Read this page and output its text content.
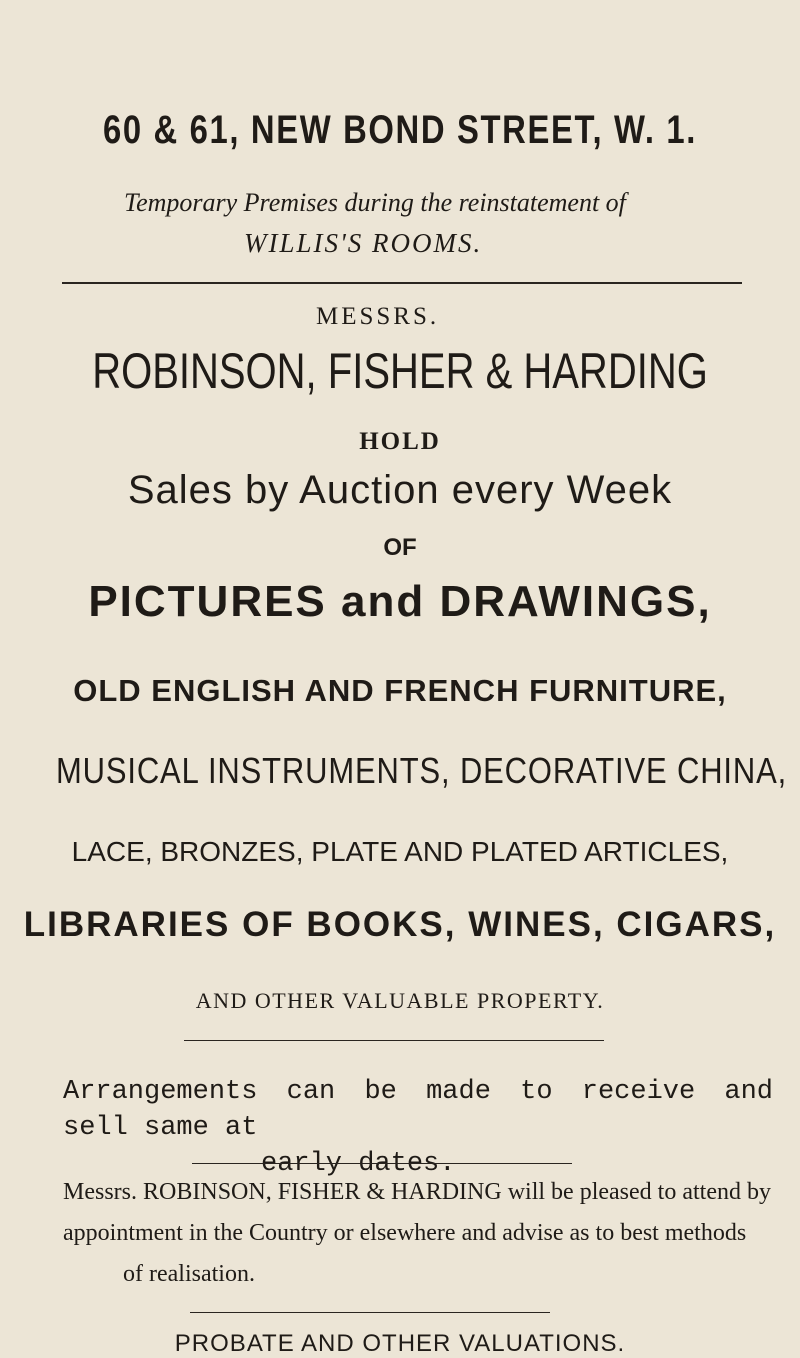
60 & 61, NEW BOND STREET, W. 1.
Temporary Premises during the reinstatement of
WILLIS'S ROOMS.
MESSRS.
ROBINSON, FISHER & HARDING
HOLD
Sales by Auction every Week
OF
PICTURES and DRAWINGS,
OLD ENGLISH AND FRENCH FURNITURE,
MUSICAL INSTRUMENTS, DECORATIVE CHINA,
LACE, BRONZES, PLATE AND PLATED ARTICLES,
LIBRARIES OF BOOKS, WINES, CIGARS,
AND OTHER VALUABLE PROPERTY.
Arrangements can be made to receive and sell same at
early dates.
Messrs. ROBINSON, FISHER & HARDING will be pleased to attend by
appointment in the Country or elsewhere and advise as to best methods
of realisation.
PROBATE AND OTHER VALUATIONS.
